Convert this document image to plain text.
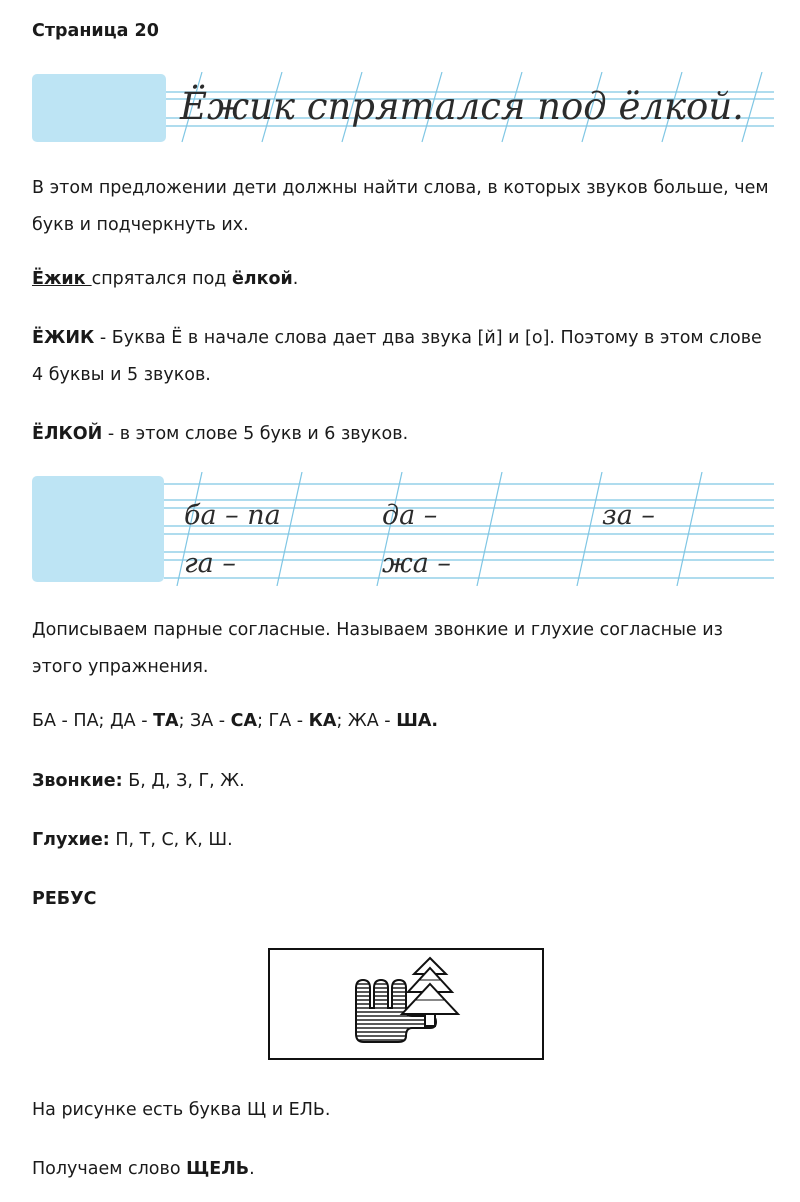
Страница 20
Ёжик спрятался под ёлкой.

В этом предложении дети должны найти слова, в которых звуков больше, чем букв и подчеркнуть их.

Ёжик спрятался под ёлкой.

ЁЖИК - Буква Ё в начале слова дает два звука [й] и [о]. Поэтому в этом слове 4 буквы и 5 звуков.

ЁЛКОЙ - в этом слове 5 букв и 6 звуков.

ба – па	да –	за –
га –	жа –

Дописываем парные согласные. Называем звонкие и глухие согласные из этого упражнения.

БА - ПА; ДА - ТА; ЗА - СА; ГА - КА; ЖА - ША.

Звонкие: Б, Д, З, Г, Ж.

Глухие: П, Т, С, К, Ш.

РЕБУС

На рисунке есть буква Щ и ЕЛЬ.

Получаем слово ЩЕЛЬ.
